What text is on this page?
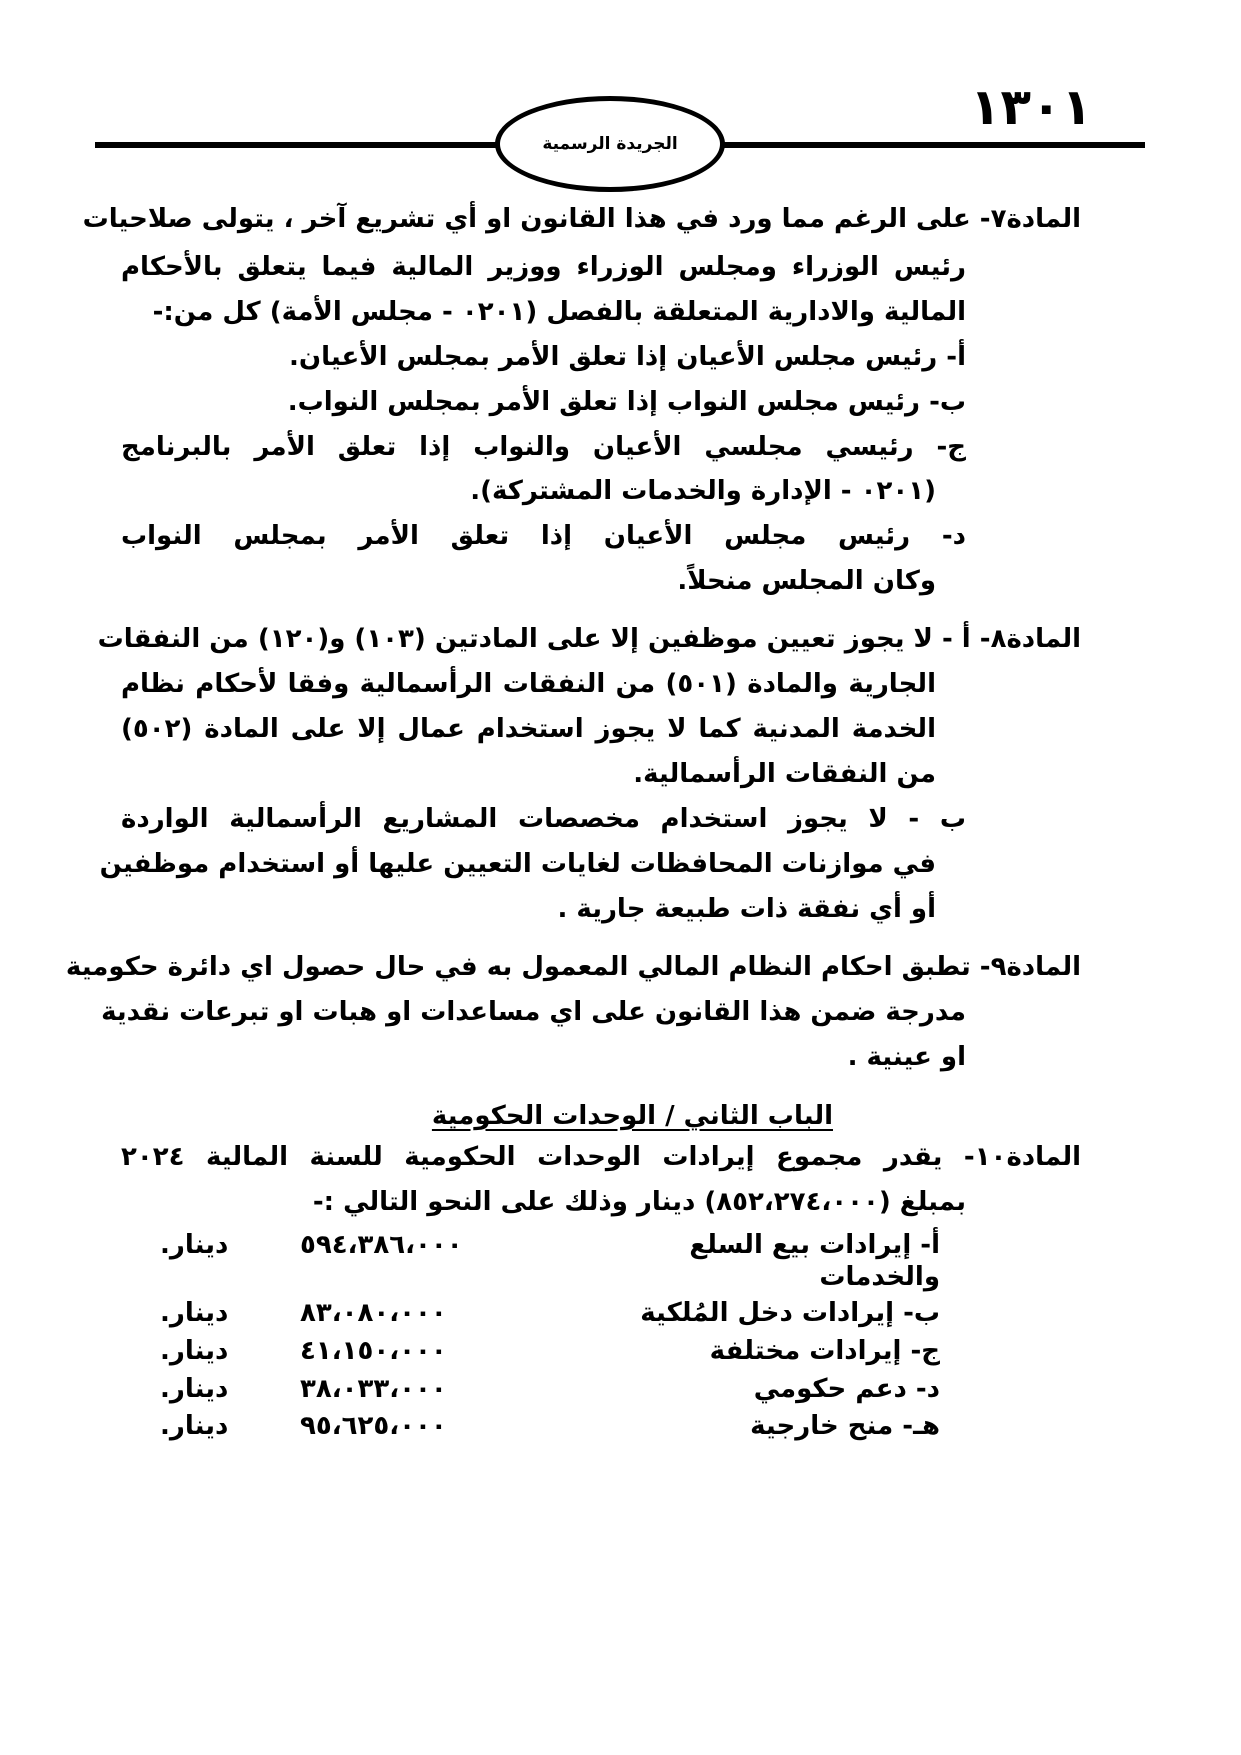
١٣٠١
الجريدة الرسمية
المادة٧- على الرغم مما ورد في هذا القانون او أي تشريع آخر ، يتولى صلاحيات
رئيس الوزراء ومجلس الوزراء ووزير المالية فيما يتعلق بالأحكام
المالية والادارية المتعلقة بالفصل (٠٢٠١ - مجلس الأمة) كل من:-
أ- رئيس مجلس الأعيان إذا تعلق الأمر بمجلس الأعيان.
ب- رئيس مجلس النواب إذا تعلق الأمر بمجلس النواب.
ج- رئيسي مجلسي الأعيان والنواب إذا تعلق الأمر بالبرنامج
(٠٢٠١ - الإدارة والخدمات المشتركة).
د- رئيس مجلس الأعيان إذا تعلق الأمر بمجلس النواب
وكان المجلس منحلاً.
المادة٨- أ - لا يجوز تعيين موظفين إلا على المادتين (١٠٣) و(١٢٠) من النفقات
الجارية والمادة (٥٠١) من النفقات الرأسمالية وفقا لأحكام نظام
الخدمة المدنية كما لا يجوز استخدام عمال إلا على المادة (٥٠٢)
من النفقات الرأسمالية.
ب - لا يجوز استخدام مخصصات المشاريع الرأسمالية الواردة
في موازنات المحافظات لغايات التعيين عليها أو استخدام موظفين
أو أي نفقة ذات طبيعة جارية .
المادة٩- تطبق احكام النظام المالي المعمول به في حال حصول اي دائرة حكومية
مدرجة ضمن هذا القانون على اي مساعدات او هبات او تبرعات نقدية
او عينية .
الباب الثاني / الوحدات الحكومية
المادة١٠- يقدر مجموع إيرادات الوحدات الحكومية للسنة المالية ٢٠٢٤
بمبلغ (٨٥٢،٢٧٤،٠٠٠) دينار وذلك على النحو التالي :-
أ- إيرادات بيع السلع
٥٩٤،٣٨٦،٠٠٠
دينار.
والخدمات
ب- إيرادات دخل المُلكية
٨٣،٠٨٠،٠٠٠
دينار.
ج- إيرادات مختلفة
٤١،١٥٠،٠٠٠
دينار.
د- دعم حكومي
٣٨،٠٣٣،٠٠٠
دينار.
هـ- منح خارجية
٩٥،٦٢٥،٠٠٠
دينار.
